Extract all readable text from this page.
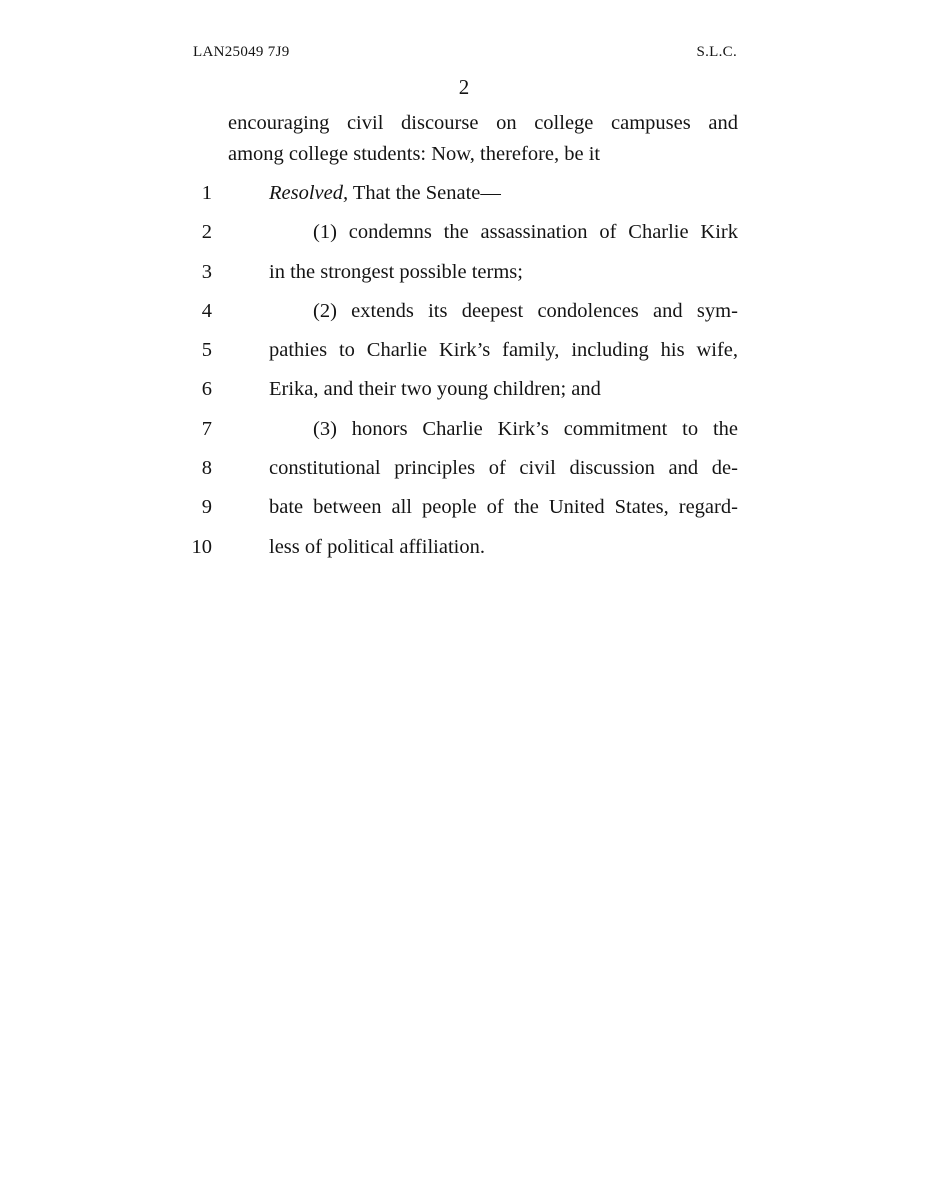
LAN25049 7J9	S.L.C.
2
encouraging civil discourse on college campuses and
among college students: Now, therefore, be it
1	Resolved, That the Senate—
2	(1) condemns the assassination of Charlie Kirk
3	in the strongest possible terms;
4	(2) extends its deepest condolences and sym-
5	pathies to Charlie Kirk’s family, including his wife,
6	Erika, and their two young children; and
7	(3) honors Charlie Kirk’s commitment to the
8	constitutional principles of civil discussion and de-
9	bate between all people of the United States, regard-
10	less of political affiliation.
